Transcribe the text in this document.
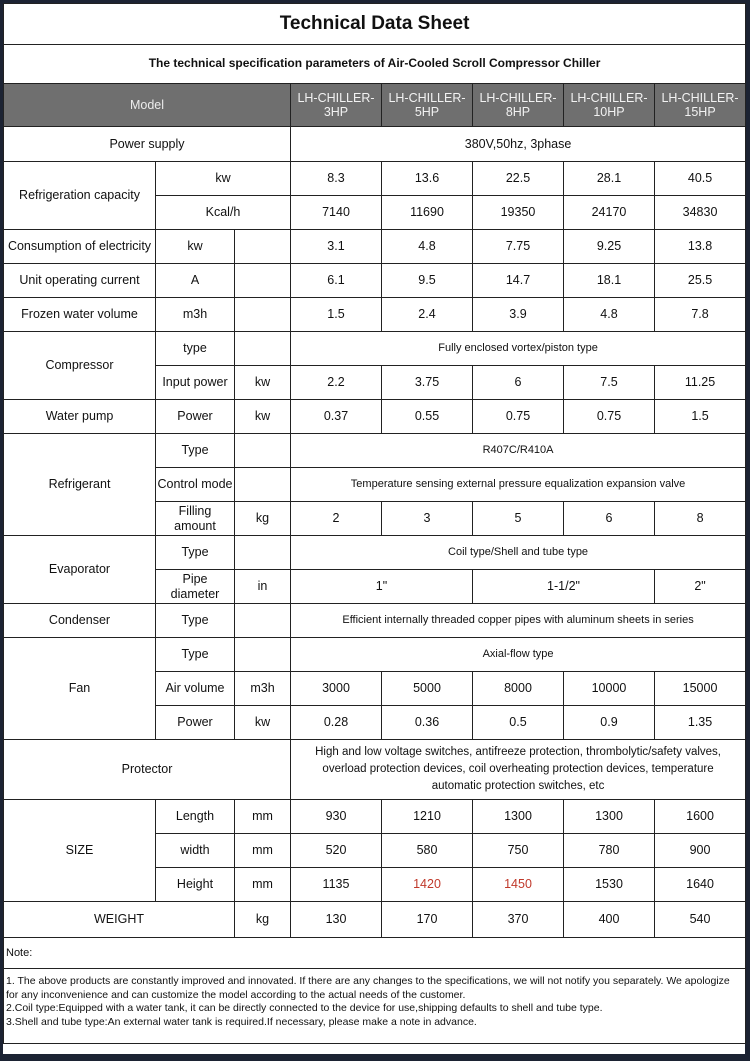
Technical Data Sheet							
The technical specification parameters of Air-Cooled Scroll Compressor Chiller							
Model			LH-CHILLER-3HP	LH-CHILLER-5HP	LH-CHILLER-8HP	LH-CHILLER-10HP	LH-CHILLER-15HP
Power supply			380V,50hz, 3phase				
Refrigeration capacity	kw		8.3	13.6	22.5	28.1	40.5
	Kcal/h		7140	11690	19350	24170	34830
Consumption of electricity	kw		3.1	4.8	7.75	9.25	13.8
Unit operating current	A		6.1	9.5	14.7	18.1	25.5
Frozen water volume	m3h		1.5	2.4	3.9	4.8	7.8
Compressor	type		Fully enclosed vortex/piston type				
	Input power	kw	2.2	3.75	6	7.5	11.25
Water pump	Power	kw	0.37	0.55	0.75	0.75	1.5
Refrigerant	Type		R407C/R410A				
	Control mode		Temperature sensing external pressure equalization expansion valve				
	Filling amount	kg	2	3	5	6	8
Evaporator	Type		Coil type/Shell and tube type				
	Pipe diameter	in	1"		1-1/2"		2"
Condenser	Type		Efficient internally threaded copper pipes with aluminum sheets in series				
Fan	Type		Axial-flow type				
	Air volume	m3h	3000	5000	8000	10000	15000
	Power	kw	0.28	0.36	0.5	0.9	1.35
Protector			High and low voltage switches, antifreeze protection, thrombolytic/safety valves,
overload protection devices, coil overheating protection devices, temperature
automatic protection switches, etc				

SIZE	Length	mm	930	1210	1300	1300	1600
	width	mm	520	580	750	780	900
	Height	mm	1135	1420	1450	1530	1640
WEIGHT		kg	130	170	370	400	540
Note:							

1. The above products are constantly improved and innovated. If there are any changes to the specifications, we will not notify you separately. We apologize for any inconvenience and can customize the model according to the actual needs of the customer.
2.Coil type:Equipped with a water tank, it can be directly connected to the device for use,shipping defaults to shell and tube type.
3.Shell and tube type:An external water tank is required.If necessary, please make a note in advance.							
